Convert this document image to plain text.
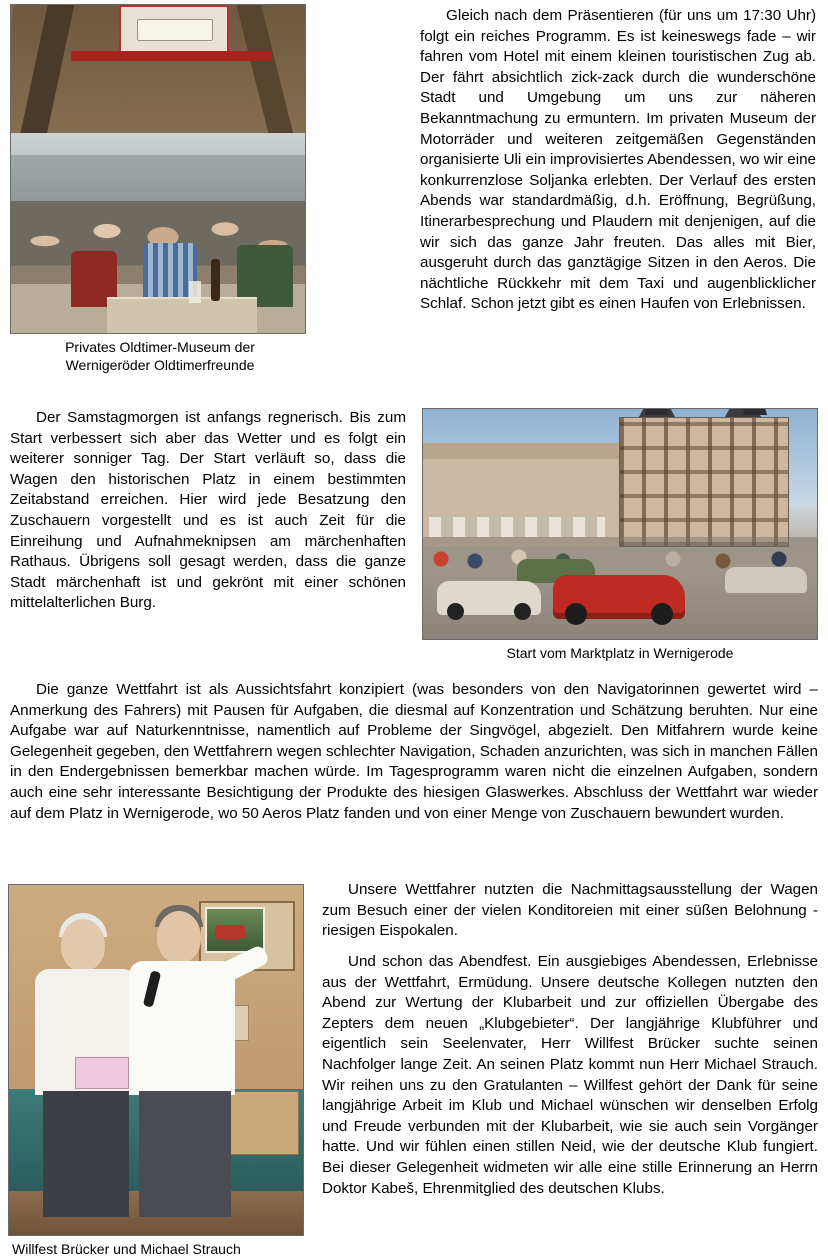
Privates Oldtimer-Museum der
Wernigeröder Oldtimerfreunde

Gleich nach dem Präsentieren (für uns um 17:30 Uhr) folgt ein reiches Programm. Es ist keineswegs fade – wir fahren vom Hotel mit einem kleinen touristischen Zug ab. Der fährt absichtlich zick-zack durch die wunderschöne Stadt und Umgebung um uns zur näheren Bekanntmachung zu ermuntern. Im privaten Museum der Motorräder und weiteren zeitgemäßen Gegenständen organisierte Uli ein improvisiertes Abendessen, wo wir eine konkurrenzlose Soljanka erlebten. Der Verlauf des ersten Abends war standardmäßig, d.h. Eröffnung, Begrüßung, Itinerarbesprechung und Plaudern mit denjenigen, auf die wir sich das ganze Jahr freuten. Das alles mit Bier, ausgeruht durch das ganztägige Sitzen in den Aeros. Die nächtliche Rückkehr mit dem Taxi und augenblicklicher Schlaf. Schon jetzt gibt es einen Haufen von Erlebnissen.

Der Samstagmorgen ist anfangs regnerisch. Bis zum Start verbessert sich aber das Wetter und es folgt ein weiterer sonniger Tag. Der Start verläuft so, dass die Wagen den historischen Platz in einem bestimmten Zeitabstand erreichen. Hier wird jede Besatzung den Zuschauern vorgestellt und es ist auch Zeit für die Einreihung und Aufnahmeknipsen am märchenhaften Rathaus. Übrigens soll gesagt werden, dass die ganze Stadt märchenhaft ist und gekrönt mit einer schönen mittelalterlichen Burg.

Start vom Marktplatz in Wernigerode

Die ganze Wettfahrt ist als Aussichtsfahrt konzipiert (was besonders von den Navigatorinnen gewertet wird – Anmerkung des Fahrers) mit Pausen für Aufgaben, die diesmal auf Konzentration und Schätzung beruhten. Nur eine Aufgabe war auf Naturkenntnisse, namentlich auf Probleme der Singvögel, abgezielt. Den Mitfahrern wurde keine Gelegenheit gegeben, den Wettfahrern wegen schlechter Navigation, Schaden anzurichten, was sich in manchen Fällen in den Endergebnissen bemerkbar machen würde. Im Tagesprogramm waren nicht die einzelnen Aufgaben, sondern auch eine sehr interessante Besichtigung der Produkte des hiesigen Glaswerkes. Abschluss der Wettfahrt war wieder auf dem Platz in Wernigerode, wo 50 Aeros Platz fanden und von einer Menge von Zuschauern bewundert wurden.

Willfest Brücker und Michael Strauch

Unsere Wettfahrer nutzten die Nachmittagsausstellung der Wagen zum Besuch einer der vielen Konditoreien mit einer süßen Belohnung - riesigen Eispokalen.

Und schon das Abendfest. Ein ausgiebiges Abendessen, Erlebnisse aus der Wettfahrt, Ermüdung. Unsere deutsche Kollegen nutzten den Abend zur Wertung der Klubarbeit und zur offiziellen Übergabe des Zepters dem neuen „Klubgebieter“. Der langjährige Klubführer und eigentlich sein Seelenvater, Herr Willfest Brücker suchte seinen Nachfolger lange Zeit. An seinen Platz kommt nun Herr Michael Strauch. Wir reihen uns zu den Gratulanten – Willfest gehört der Dank für seine langjährige Arbeit im Klub und Michael wünschen wir denselben Erfolg und Freude verbunden mit der Klubarbeit, wie sie auch sein Vorgänger hatte. Und wir fühlen einen stillen Neid, wie der deutsche Klub fungiert. Bei dieser Gelegenheit widmeten wir alle eine stille Erinnerung an Herrn Doktor Kabeš, Ehrenmitglied des deutschen Klubs.
